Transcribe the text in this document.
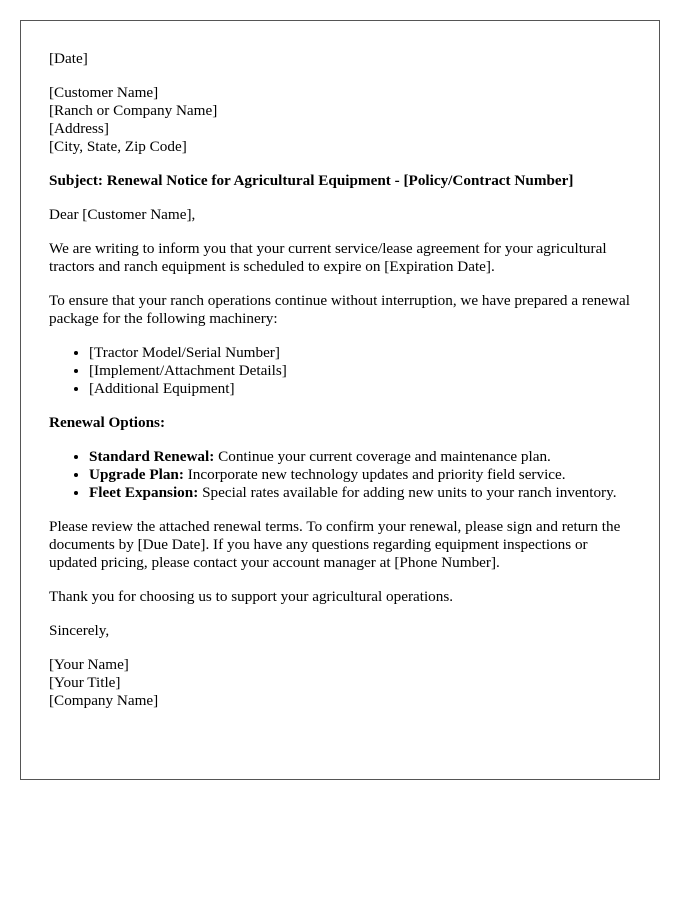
[Date]

[Customer Name]
[Ranch or Company Name]
[Address]
[City, State, Zip Code]

Subject: Renewal Notice for Agricultural Equipment - [Policy/Contract Number]

Dear [Customer Name],

We are writing to inform you that your current service/lease agreement for your agricultural tractors and ranch equipment is scheduled to expire on [Expiration Date].

To ensure that your ranch operations continue without interruption, we have prepared a renewal package for the following machinery:

• [Tractor Model/Serial Number]
• [Implement/Attachment Details]
• [Additional Equipment]

Renewal Options:

• Standard Renewal: Continue your current coverage and maintenance plan.
• Upgrade Plan: Incorporate new technology updates and priority field service.
• Fleet Expansion: Special rates available for adding new units to your ranch inventory.

Please review the attached renewal terms. To confirm your renewal, please sign and return the documents by [Due Date]. If you have any questions regarding equipment inspections or updated pricing, please contact your account manager at [Phone Number].

Thank you for choosing us to support your agricultural operations.

Sincerely,

[Your Name]
[Your Title]
[Company Name]
